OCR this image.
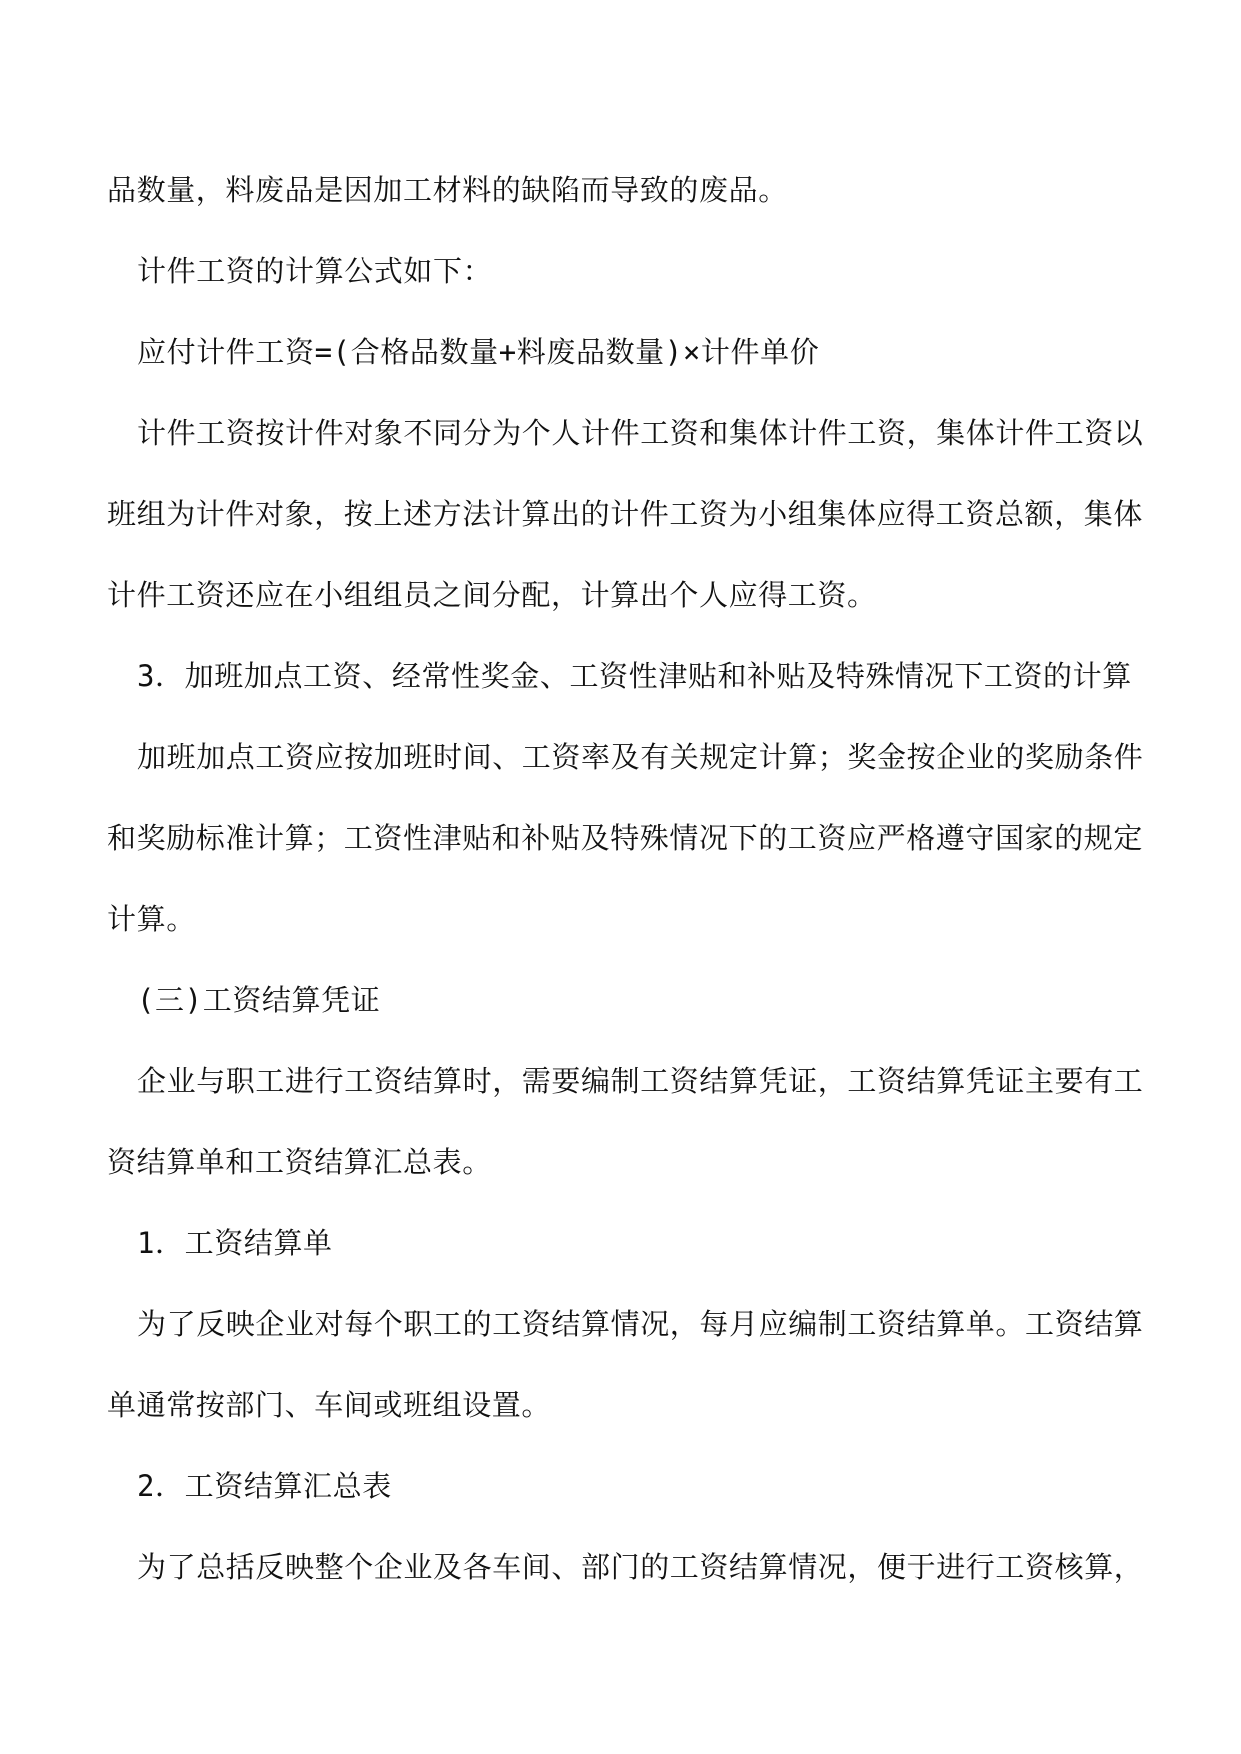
品数量，料废品是因加工材料的缺陷而导致的废品。
计件工资的计算公式如下：
应付计件工资=(合格品数量+料废品数量)×计件单价
计件工资按计件对象不同分为个人计件工资和集体计件工资，集体计件工资以
班组为计件对象，按上述方法计算出的计件工资为小组集体应得工资总额，集体
计件工资还应在小组组员之间分配，计算出个人应得工资。
3．加班加点工资、经常性奖金、工资性津贴和补贴及特殊情况下工资的计算
加班加点工资应按加班时间、工资率及有关规定计算；奖金按企业的奖励条件
和奖励标准计算；工资性津贴和补贴及特殊情况下的工资应严格遵守国家的规定
计算。
(三)工资结算凭证
企业与职工进行工资结算时，需要编制工资结算凭证，工资结算凭证主要有工
资结算单和工资结算汇总表。
1．工资结算单
为了反映企业对每个职工的工资结算情况，每月应编制工资结算单。工资结算
单通常按部门、车间或班组设置。
2．工资结算汇总表
为了总括反映整个企业及各车间、部门的工资结算情况，便于进行工资核算，
